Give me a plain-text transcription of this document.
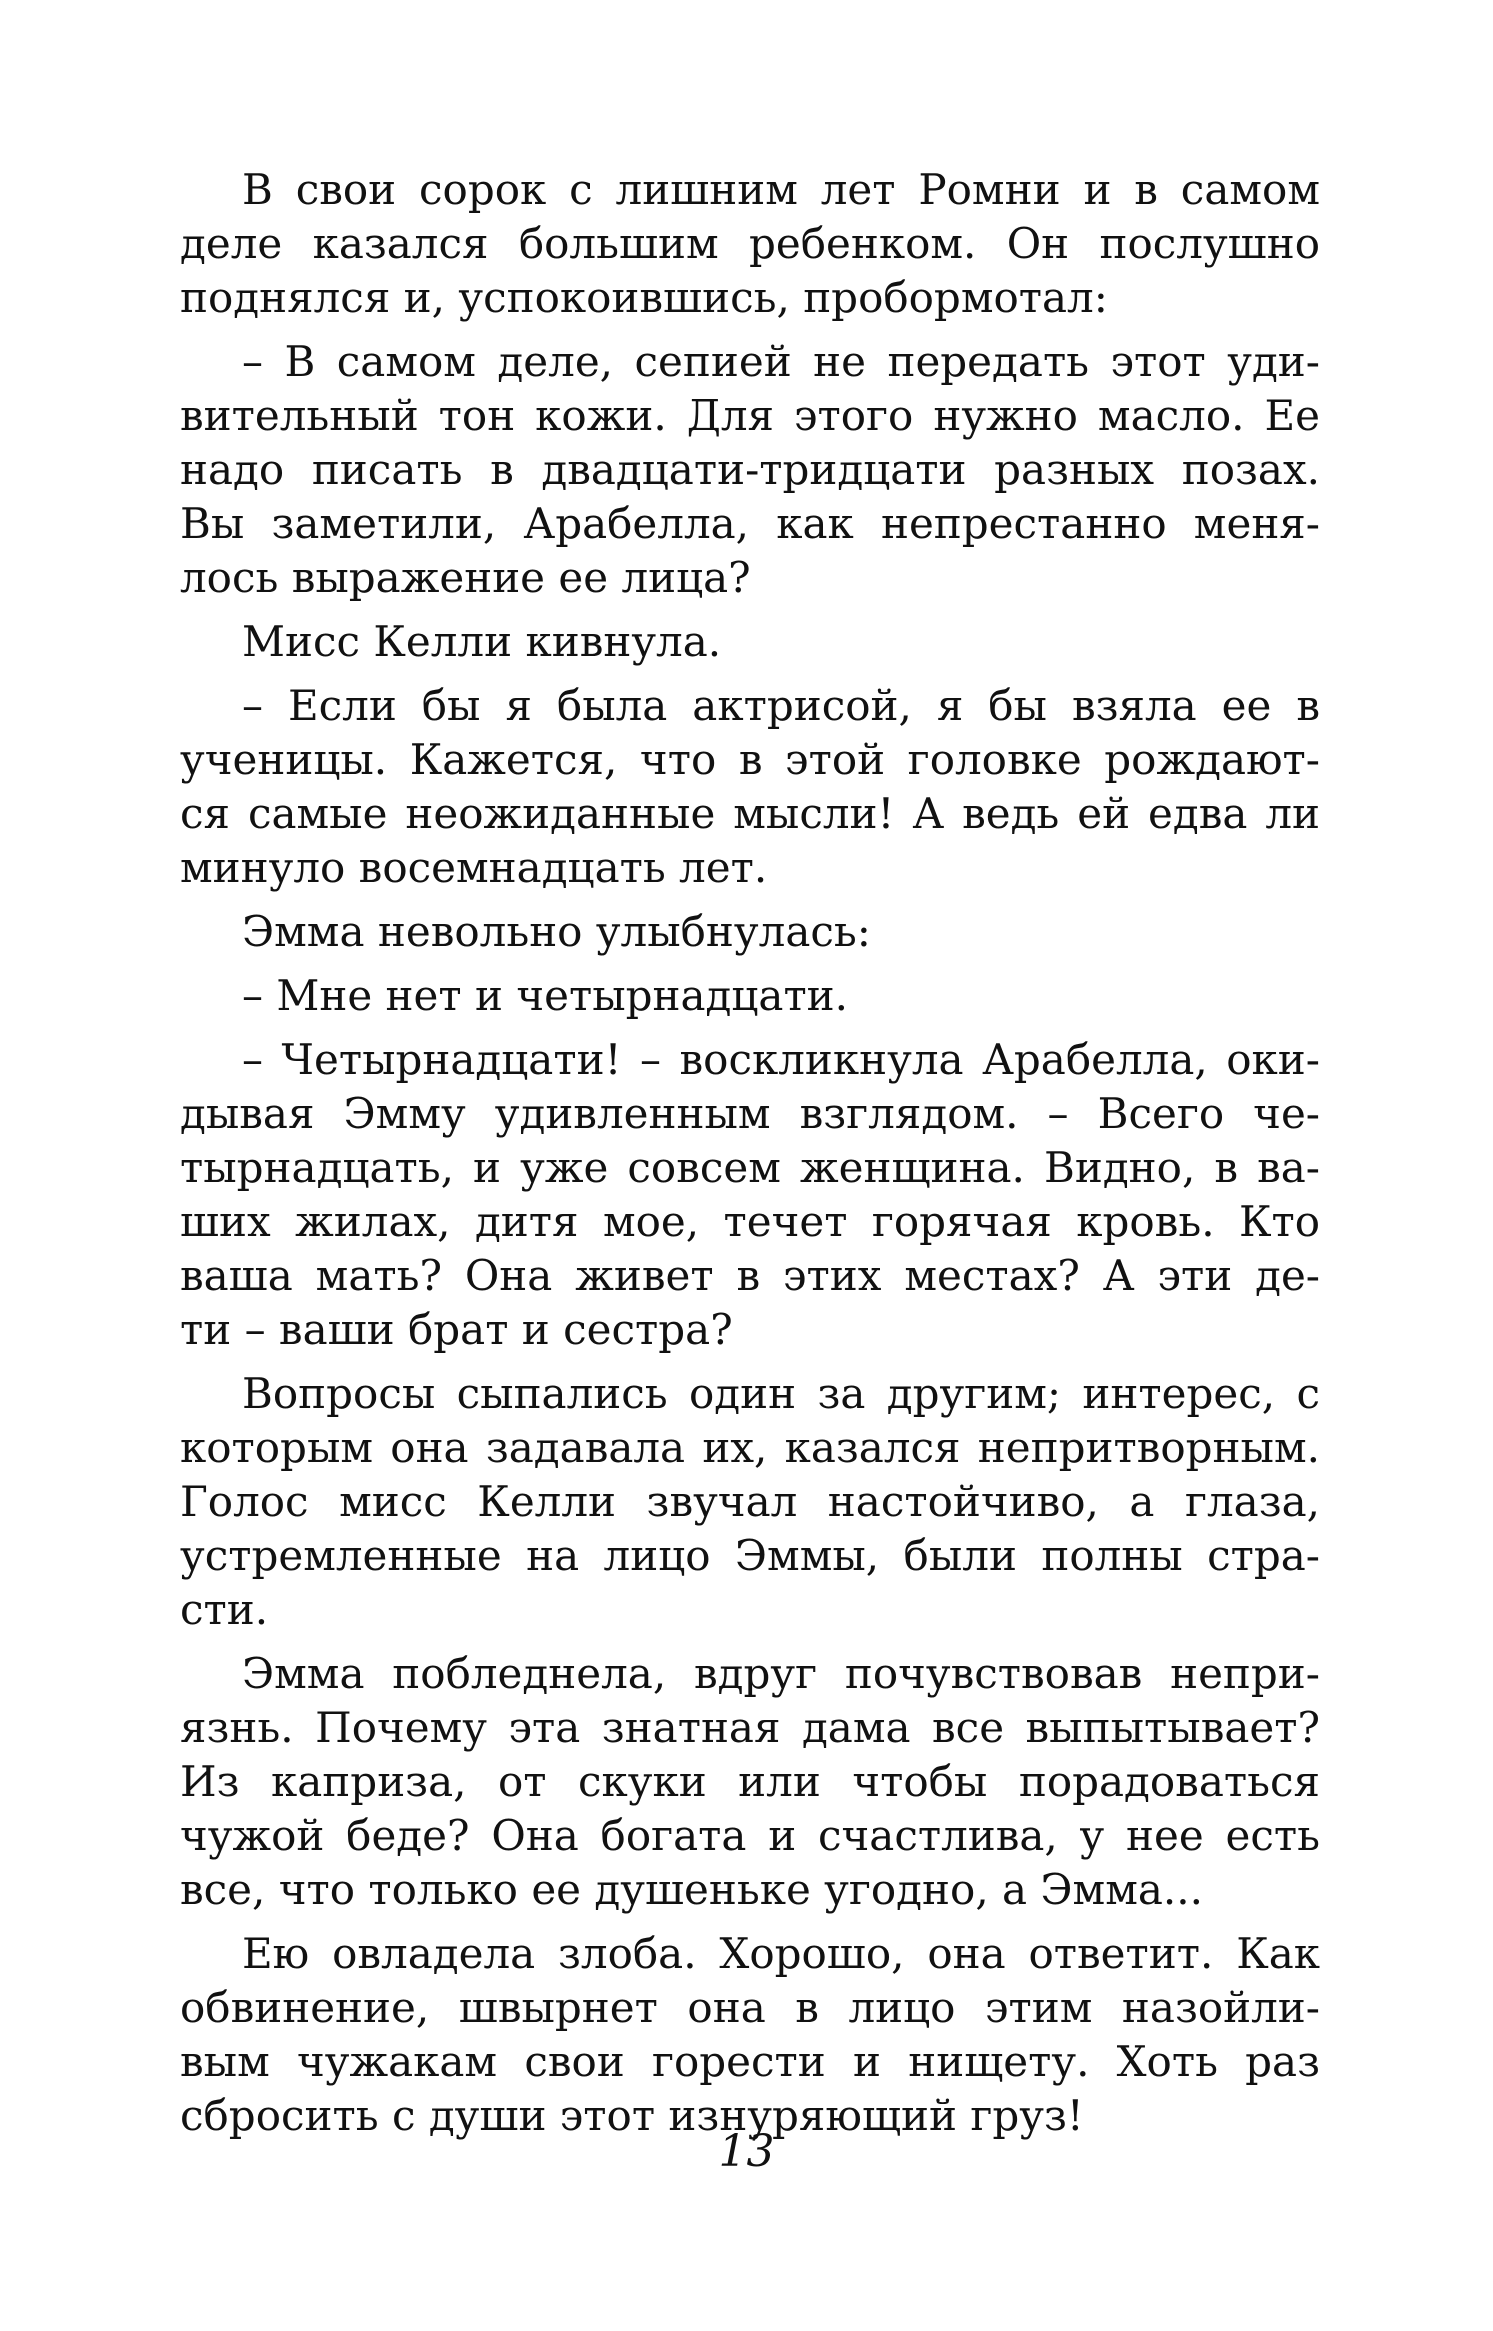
В свои сорок с лишним лет Ромни и в самом
деле казался большим ребенком. Он послушно
поднялся и, успокоившись, пробормотал:
– В самом деле, сепией не передать этот уди-
вительный тон кожи. Для этого нужно масло. Ее
надо писать в двадцати-тридцати разных позах.
Вы заметили, Арабелла, как непрестанно меня-
лось выражение ее лица?
Мисс Келли кивнула.
– Если бы я была актрисой, я бы взяла ее в
ученицы. Кажется, что в этой головке рождают-
ся самые неожиданные мысли! А ведь ей едва ли
минуло восемнадцать лет.
Эмма невольно улыбнулась:
– Мне нет и четырнадцати.
– Четырнадцати! – воскликнула Арабелла, оки-
дывая Эмму удивленным взглядом. – Всего че-
тырнадцать, и уже совсем женщина. Видно, в ва-
ших жилах, дитя мое, течет горячая кровь. Кто
ваша мать? Она живет в этих местах? А эти де-
ти – ваши брат и сестра?
Вопросы сыпались один за другим; интерес, с
которым она задавала их, казался непритворным.
Голос мисс Келли звучал настойчиво, а глаза,
устремленные на лицо Эммы, были полны стра-
сти.
Эмма побледнела, вдруг почувствовав непри-
язнь. Почему эта знатная дама все выпытывает?
Из каприза, от скуки или чтобы порадоваться
чужой беде? Она богата и счастлива, у нее есть
все, что только ее душеньке угодно, а Эмма...
Ею овладела злоба. Хорошо, она ответит. Как
обвинение, швырнет она в лицо этим назойли-
вым чужакам свои горести и нищету. Хоть раз
сбросить с души этот изнуряющий груз!
13
